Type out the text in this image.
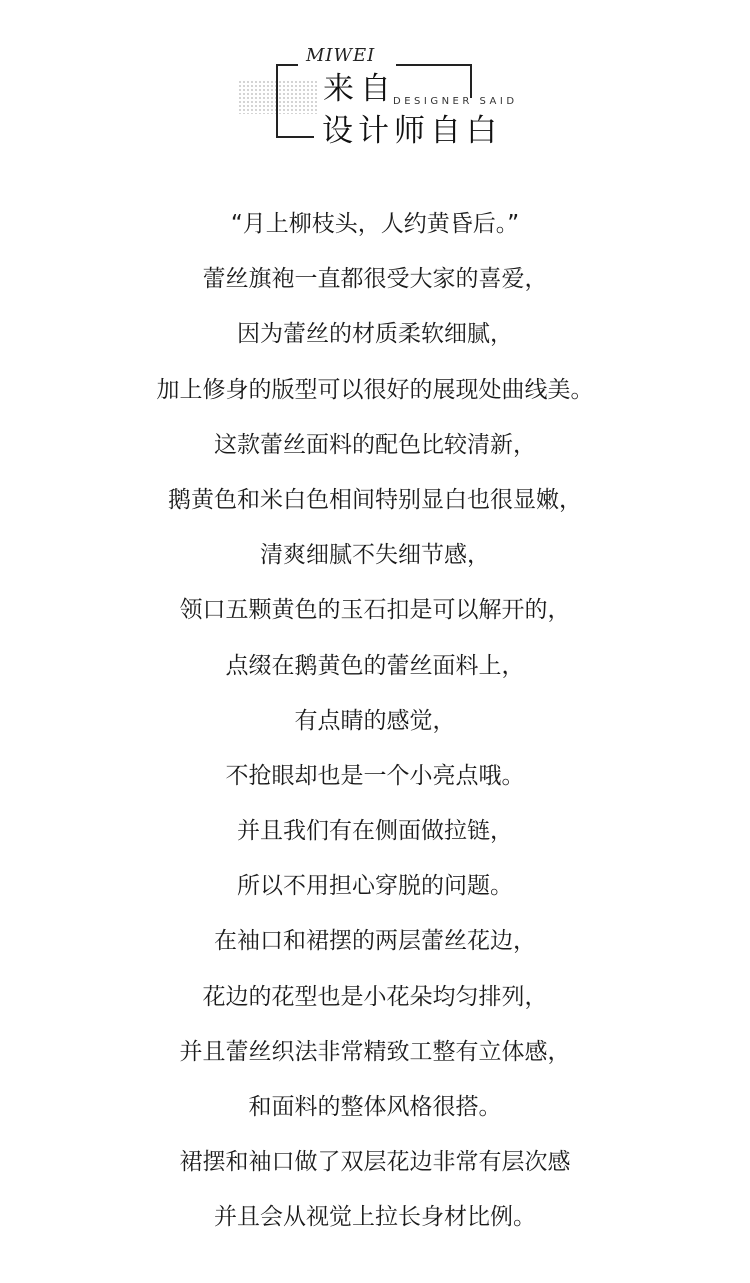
MIWEI
来自
DESIGNER SAID
设计师自白
“月上柳枝头，人约黄昏后。”
蕾丝旗袍一直都很受大家的喜爱，
因为蕾丝的材质柔软细腻，
加上修身的版型可以很好的展现处曲线美。
这款蕾丝面料的配色比较清新，
鹅黄色和米白色相间特别显白也很显嫩，
清爽细腻不失细节感，
领口五颗黄色的玉石扣是可以解开的，
点缀在鹅黄色的蕾丝面料上，
有点睛的感觉，
不抢眼却也是一个小亮点哦。
并且我们有在侧面做拉链，
所以不用担心穿脱的问题。
在袖口和裙摆的两层蕾丝花边，
花边的花型也是小花朵均匀排列，
并且蕾丝织法非常精致工整有立体感，
和面料的整体风格很搭。
裙摆和袖口做了双层花边非常有层次感
并且会从视觉上拉长身材比例。
